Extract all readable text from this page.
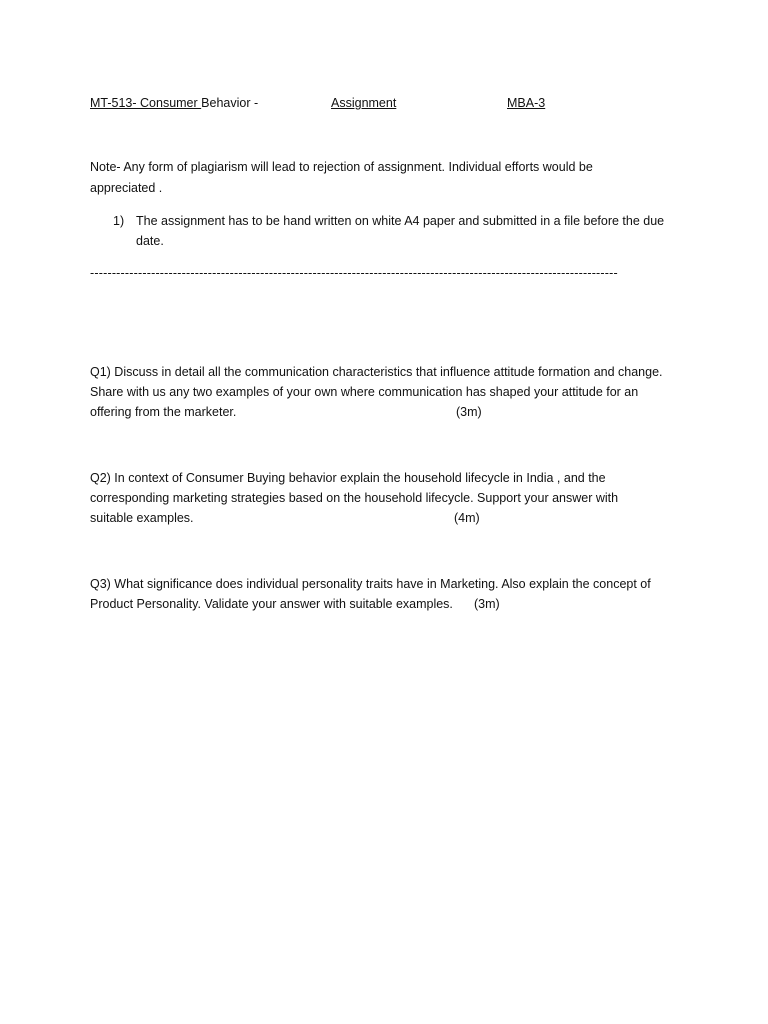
MT-513- Consumer Behavior -	Assignment	MBA-3
Note- Any form of plagiarism will lead to rejection of assignment. Individual efforts would be
appreciated .
1) The assignment has to be hand written on white A4 paper and submitted in a file before the due
date.
-------------------------------------------------------------------------------------------------------------------------
Q1) Discuss in detail all the communication characteristics that influence attitude formation and change.
Share with us any two examples of your own where communication has shaped your attitude for an
offering from the marketer.	(3m)
Q2) In context of Consumer Buying behavior explain the household lifecycle in India , and the
corresponding marketing strategies based on the household lifecycle. Support your answer with
suitable examples.	(4m)
Q3) What significance does individual personality traits have in Marketing. Also explain the concept of
Product Personality. Validate your answer with suitable examples. (3m)
